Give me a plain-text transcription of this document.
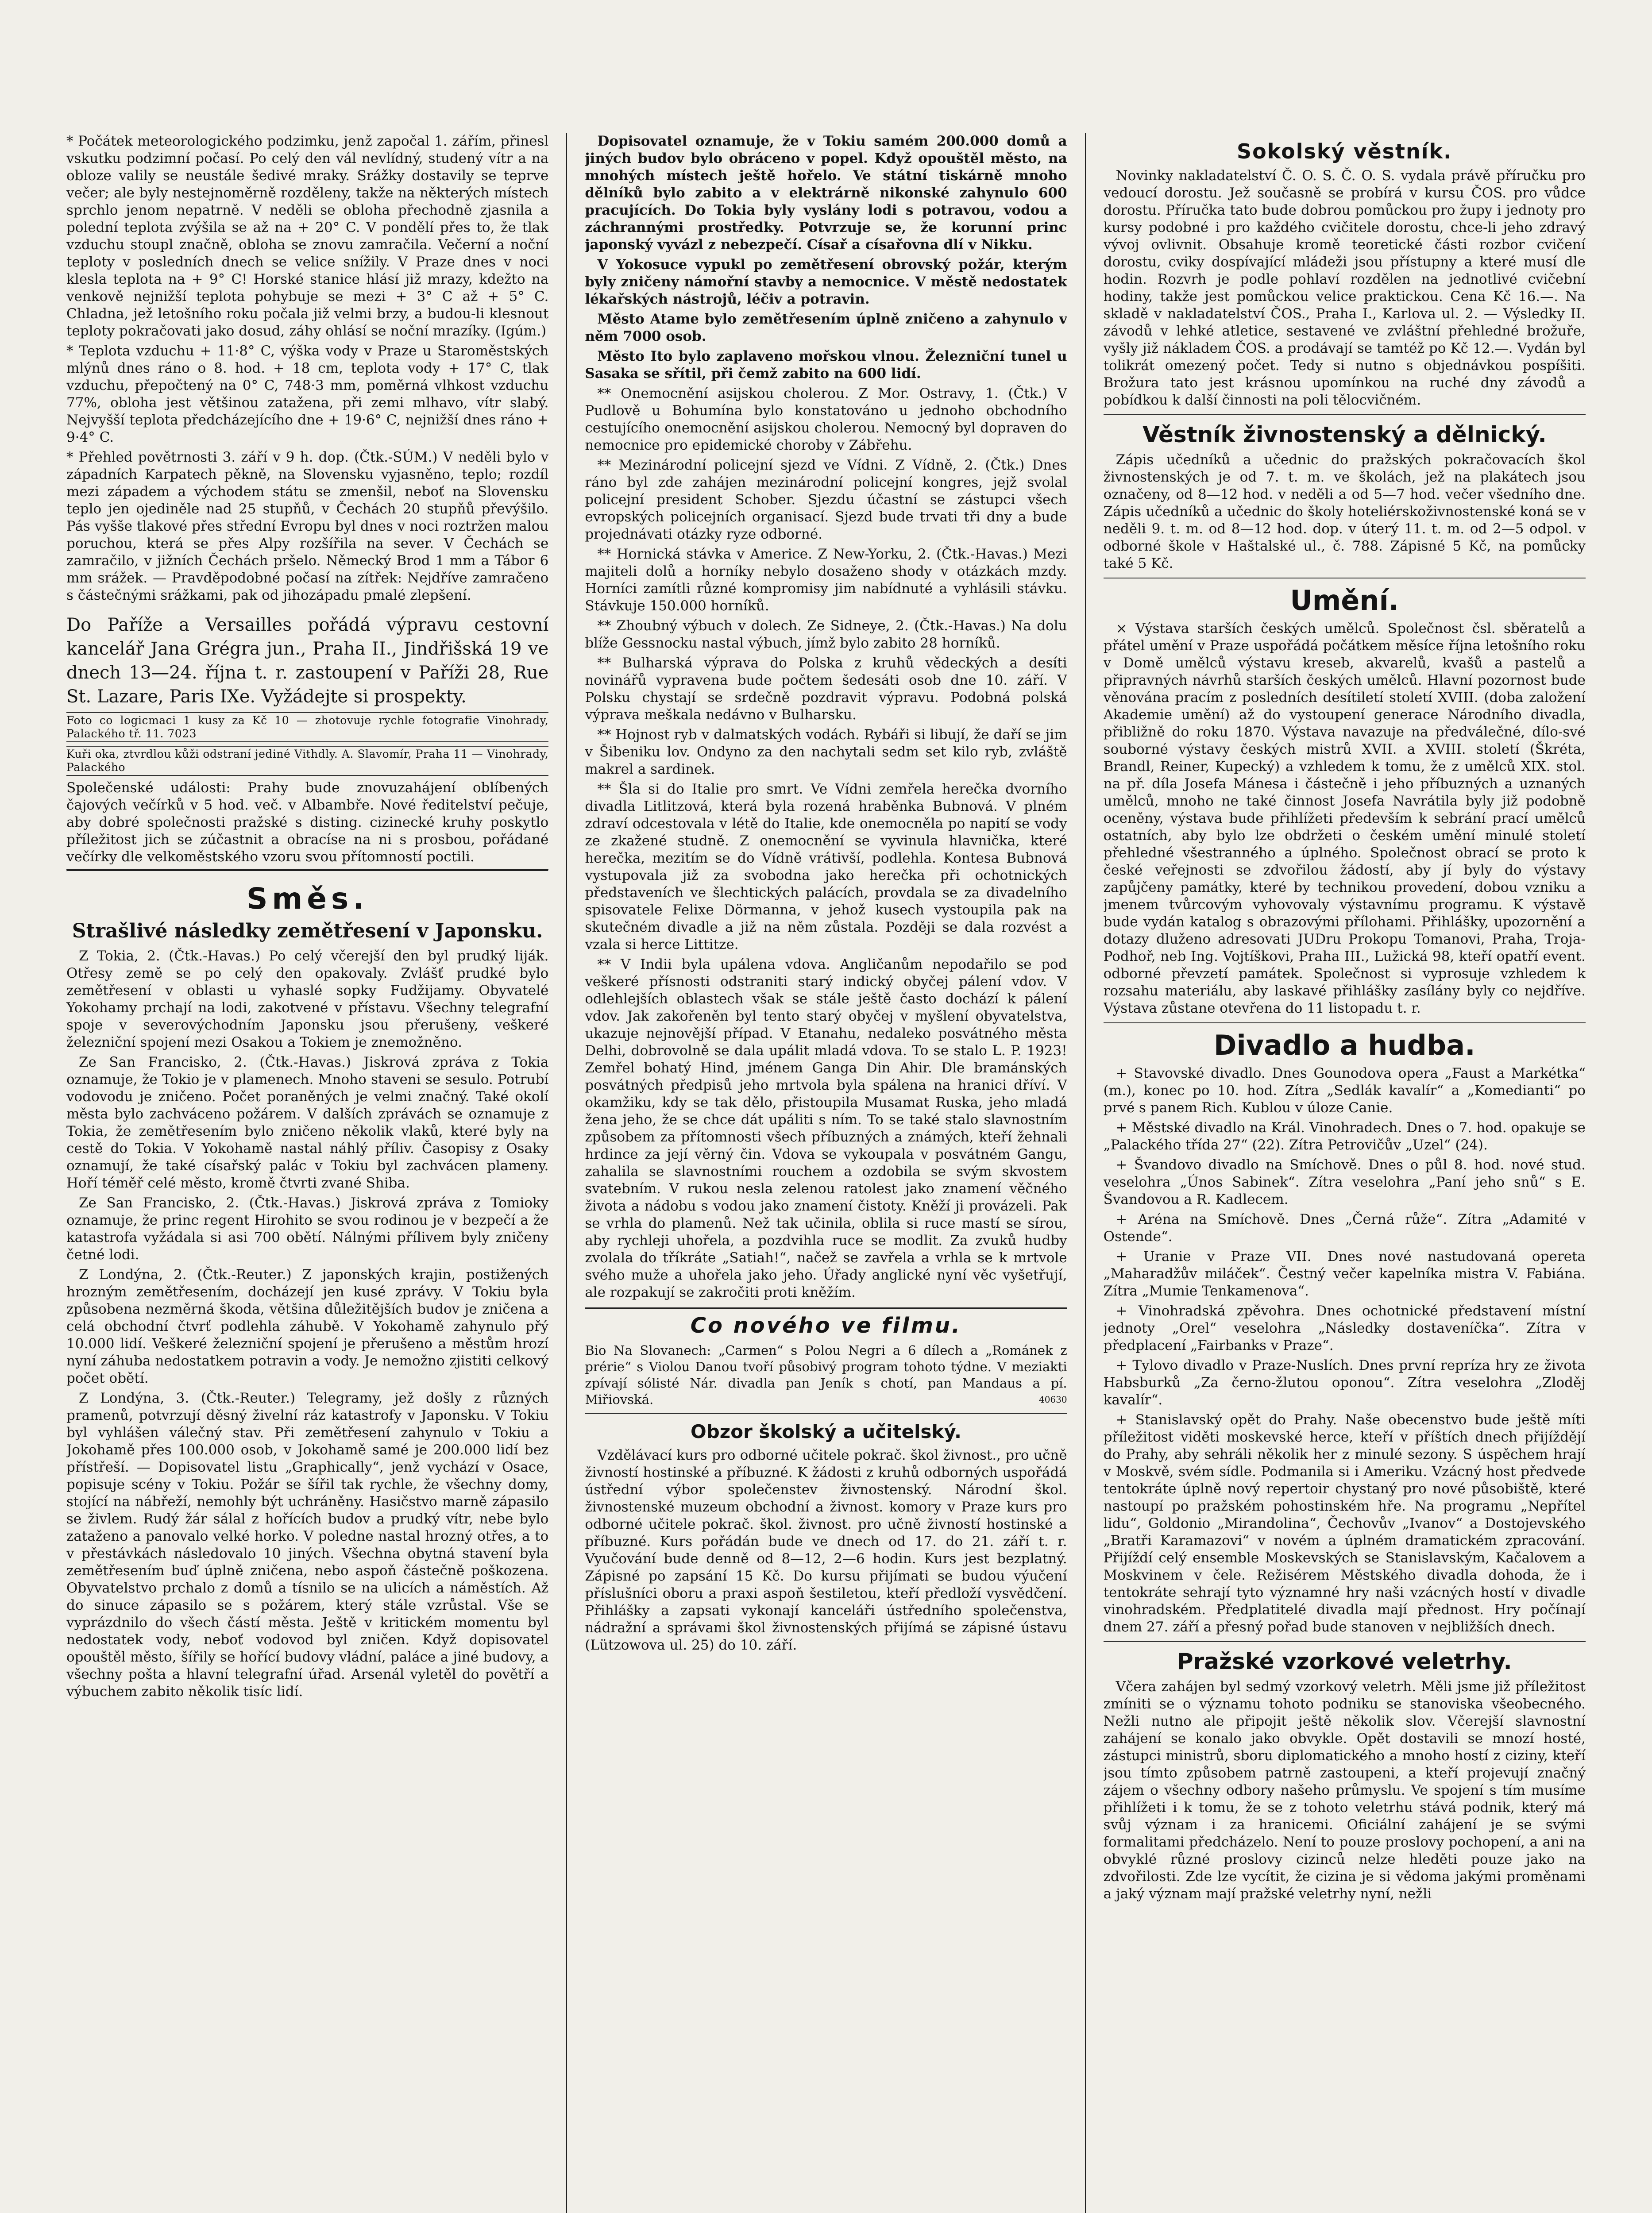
* Počátek meteorologického podzimku, jenž započal 1. zářím, přinesl vskutku podzimní počasí. Po celý den vál nevlídný, studený vítr a na obloze valily se neustále šedivé mraky. Srážky dostavily se teprve večer; ale byly nestejnoměrně rozděleny, takže na některých místech sprchlo jenom nepatrně. V neděli se obloha přechodně zjasnila a polední teplota zvýšila se až na + 20° C. V pondělí přes to, že tlak vzduchu stoupl značně, obloha se znovu zamračila. Večerní a noční teploty v posledních dnech se velice snížily. V Praze dnes v noci klesla teplota na + 9° C! Horské stanice hlásí již mrazy, kdežto na venkově nejnižší teplota pohybuje se mezi + 3° C až + 5° C. Chladna, jež letošního roku počala již velmi brzy, a budou-li klesnout teploty pokračovati jako dosud, záhy ohlásí se noční mrazíky. (Igúm.)

* Teplota vzduchu + 11·8° C, výška vody v Praze u Staroměstských mlýnů dnes ráno o 8. hod. + 18 cm, teplota vody + 17° C, tlak vzduchu, přepočtený na 0° C, 748·3 mm, poměrná vlhkost vzduchu 77%, obloha jest většinou zatažena, při zemi mlhavo, vítr slabý. Nejvyšší teplota předcházejícího dne + 19·6° C, nejnižší dnes ráno + 9·4° C.

* Přehled povětrnosti 3. září v 9 h. dop. (Čtk.-SÚM.) V neděli bylo v západních Karpatech pěkně, na Slovensku vyjasněno, teplo; rozdíl mezi západem a východem státu se zmenšil, neboť na Slovensku teplo jen ojediněle nad 25 stupňů, v Čechách 20 stupňů převýšilo. Pás vyšše tlakové přes střední Evropu byl dnes v noci roztržen malou poruchou, která se přes Alpy rozšířila na sever. V Čechách se zamračilo, v jižních Čechách pršelo. Německý Brod 1 mm a Tábor 6 mm srážek. — Pravděpodobné počasí na zítřek: Nejdříve zamračeno s částečnými srážkami, pak od jihozápadu pmalé zlepšení.

Do Paříže a Versailles pořádá výpravu cestovní kancelář Jana Grégra jun., Praha II., Jindřišská 19 ve dnech 13—24. října t. r. zastoupení v Paříži 28, Rue St. Lazare, Paris IXe. Vyžádejte si prospekty.
Foto co logicmaci 1 kusy za Kč 10 — zhotovuje rychle fotografie Vinohrady, Palackého tř. 11. 7023
Kuři oka, ztvrdlou kůži odstraní jediné Vithdly. A. Slavomír, Praha 11 — Vinohrady, Palackého

Společenské události: Prahy bude znovuzahájení oblíbených čajových večírků v 5 hod. več. v Albambře. Nové ředitelství pečuje, aby dobré společnosti pražské s disting. cizinecké kruhy poskytlo příležitost jich se zúčastnit a obracíse na ni s prosbou, pořádané večírky dle velkoměstského vzoru svou přítomností poctili.

Směs.
Strašlivé následky zemětřesení v Japonsku.

Z Tokia, 2. (Čtk.-Havas.) Po celý včerejší den byl prudký liják. Otřesy země se po celý den opakovaly. Zvlášť prudké bylo zemětřesení v oblasti u vyhaslé sopky Fudžijamy. Obyvatelé Yokohamy prchají na lodi, zakotvené v přístavu. Všechny telegrafní spoje v severovýchodním Japonsku jsou přerušeny, veškeré železniční spojení mezi Osakou a Tokiem je znemožněno.

Ze San Francisko, 2. (Čtk.-Havas.) Jiskrová zpráva z Tokia oznamuje, že Tokio je v plamenech. Mnoho staveni se sesulo. Potrubí vodovodu je zničeno. Počet poraněných je velmi značný. Také okolí města bylo zachváceno požárem. V dalších zprávách se oznamuje z Tokia, že zemětřesením bylo zničeno několik vlaků, které byly na cestě do Tokia. V Yokohamě nastal náhlý příliv. Časopisy z Osaky oznamují, že také císařský palác v Tokiu byl zachvácen plameny. Hoří téměř celé město, kromě čtvrti zvané Shiba.

Ze San Francisko, 2. (Čtk.-Havas.) Jiskrová zpráva z Tomioky oznamuje, že princ regent Hirohito se svou rodinou je v bezpečí a že katastrofa vyžádala si asi 700 obětí. Nálnými přílivem byly zničeny četné lodi.

Z Londýna, 2. (Čtk.-Reuter.) Z japonských krajin, postižených hrozným zemětřesením, docházejí jen kusé zprávy. V Tokiu byla způsobena nezměrná škoda, většina důležitějších budov je zničena a celá obchodní čtvrť podlehla záhubě. V Yokohamě zahynulo přý 10.000 lidí. Veškeré železniční spojení je přerušeno a městům hrozí nyní záhuba nedostatkem potravin a vody. Je nemožno zjistiti celkový počet obětí.

Z Londýna, 3. (Čtk.-Reuter.) Telegramy, jež došly z různých pramenů, potvrzují děsný živelní ráz katastrofy v Japonsku. V Tokiu byl vyhlášen válečný stav. Při zemětřesení zahynulo v Tokiu a Jokohamě přes 100.000 osob, v Jokohamě samé je 200.000 lidí bez přístřeší. — Dopisovatel listu „Graphically“, jenž vychází v Osace, popisuje scény v Tokiu. Požár se šířil tak rychle, že všechny domy, stojící na nábřeží, nemohly být uchráněny. Hasičstvo marně zápasilo se živlem. Rudý žár sálal z hořících budov a prudký vítr, nebe bylo zataženo a panovalo velké horko. V poledne nastal hrozný otřes, a to v přestávkách následovalo 10 jiných. Všechna obytná stavení byla zemětřesením buď úplně zničena, nebo aspoň částečně poškozena. Obyvatelstvo prchalo z domů a tísnilo se na ulicích a náměstích. Až do sinuce zápasilo se s požárem, který stále vzrůstal. Vše se vyprázdnilo do všech částí města. Ještě v kritickém momentu byl nedostatek vody, neboť vodovod byl zničen. Když dopisovatel opouštěl město, šířily se hořící budovy vládní, paláce a jiné budovy, a všechny pošta a hlavní telegrafní úřad. Arsenál vyletěl do povětří a výbuchem zabito několik tisíc lidí.

Dopisovatel oznamuje, že v Tokiu samém 200.000 domů a jiných budov bylo obráceno v popel. Když opouštěl město, na mnohých místech ještě hořelo. Ve státní tiskárně mnoho dělníků bylo zabito a v elektrárně nikonské zahynulo 600 pracujících. Do Tokia byly vyslány lodi s potravou, vodou a záchrannými prostředky. Potvrzuje se, že korunní princ japonský vyvázl z nebezpečí. Císař a císařovna dlí v Nikku.

V Yokosuce vypukl po zemětřesení obrovský požár, kterým byly zničeny námořní stavby a nemocnice. V městě nedostatek lékařských nástrojů, léčiv a potravin.

Město Atame bylo zemětřesením úplně zničeno a zahynulo v něm 7000 osob.

Město Ito bylo zaplaveno mořskou vlnou. Železniční tunel u Sasaka se sřítil, při čemž zabito na 600 lidí.

** Onemocnění asijskou cholerou. Z Mor. Ostravy, 1. (Čtk.) V Pudlově u Bohumína bylo konstatováno u jednoho obchodního cestujícího onemocnění asijskou cholerou. Nemocný byl dopraven do nemocnice pro epidemické choroby v Zábřehu.

** Mezinárodní policejní sjezd ve Vídni. Z Vídně, 2. (Čtk.) Dnes ráno byl zde zahájen mezinárodní policejní kongres, jejž svolal policejní president Schober. Sjezdu účastní se zástupci všech evropských policejních organisací. Sjezd bude trvati tři dny a bude projednávati otázky ryze odborné.

** Hornická stávka v Americe. Z New-Yorku, 2. (Čtk.-Havas.) Mezi majiteli dolů a horníky nebylo dosaženo shody v otázkách mzdy. Horníci zamítli různé kompromisy jim nabídnuté a vyhlásili stávku. Stávkuje 150.000 horníků.

** Zhoubný výbuch v dolech. Ze Sidneye, 2. (Čtk.-Havas.) Na dolu blíže Gessnocku nastal výbuch, jímž bylo zabito 28 horníků.

** Bulharská výprava do Polska z kruhů vědeckých a desíti novinářů vypravena bude počtem šedesáti osob dne 10. září. V Polsku chystají se srdečně pozdravit výpravu. Podobná polská výprava meškala nedávno v Bulharsku.

** Hojnost ryb v dalmatských vodách. Rybáři si libují, že daří se jim v Šibeniku lov. Ondyno za den nachytali sedm set kilo ryb, zvláště makrel a sardinek.

** Šla si do Italie pro smrt. Ve Vídni zemřela herečka dvorního divadla Litlitzová, která byla rozená hraběnka Bubnová. V plném zdraví odcestovala v létě do Italie, kde onemocněla po napití se vody ze zkažené studně. Z onemocnění se vyvinula hlavnička, které herečka, mezitím se do Vídně vrátivší, podlehla. Kontesa Bubnová vystupovala již za svobodna jako herečka při ochotnických představeních ve šlechtických palácích, provdala se za divadelního spisovatele Felixe Dörmanna, v jehož kusech vystoupila pak na skutečném divadle a již na něm zůstala. Později se dala rozvést a vzala si herce Littitze.

** V Indii byla upálena vdova. Angličanům nepodařilo se pod veškeré přísnosti odstraniti starý indický obyčej pálení vdov. V odlehlejších oblastech však se stále ještě často dochází k pálení vdov. Jak zakořeněn byl tento starý obyčej v myšlení obyvatelstva, ukazuje nejnovější případ. V Etanahu, nedaleko posvátného města Delhi, dobrovolně se dala upálit mladá vdova. To se stalo L. P. 1923! Zemřel bohatý Hind, jménem Ganga Din Ahir. Dle bramánských posvátných předpisů jeho mrtvola byla spálena na hranici dříví. V okamžiku, kdy se tak dělo, přistoupila Musamat Ruska, jeho mladá žena jeho, že se chce dát upáliti s ním. To se také stalo slavnostním způsobem za přítomnosti všech příbuzných a známých, kteří žehnali hrdince za její věrný čin. Vdova se vykoupala v posvátném Gangu, zahalila se slavnostními rouchem a ozdobila se svým skvostem svatebním. V rukou nesla zelenou ratolest jako znamení věčného života a nádobu s vodou jako znamení čistoty. Kněží ji provázeli. Pak se vrhla do plamenů. Než tak učinila, oblila si ruce mastí se sírou, aby rychleji uhořela, a pozdvihla ruce se modlit. Za zvuků hudby zvolala do tříkráte „Satiah!“, načež se zavřela a vrhla se k mrtvole svého muže a uhořela jako jeho. Úřady anglické nyní věc vyšetřují, ale rozpakují se zakročiti proti kněžím.

Co nového ve filmu.

Bio Na Slovanech: „Carmen“ s Polou Negri a 6 dílech a „Románek z prérie“ s Violou Danou tvoří působivý program tohoto týdne. V meziakti zpívají sólisté Nár. divadla pan Jeník s chotí, pan Mandaus a pí. Miřiovská.	40630

Obzor školský a učitelský.

Vzdělávací kurs pro odborné učitele pokrač. škol živnost., pro učně živností hostinské a příbuzné. K žádosti z kruhů odborných uspořádá ústřední výbor společenstev živnostenský. Národní škol. živnostenské muzeum obchodní a živnost. komory v Praze kurs pro odborné učitele pokrač. škol. živnost. pro učně živností hostinské a příbuzné. Kurs pořádán bude ve dnech od 17. do 21. září t. r. Vyučování bude denně od 8—12, 2—6 hodin. Kurs jest bezplatný. Zápisné po zapsání 15 Kč. Do kursu přijímati se budou výučení příslušníci oboru a praxi aspoň šestiletou, kteří předloží vysvědčení. Přihlášky a zapsati vykonají kanceláři ústředního společenstva, nádražní a správami škol živnostenských přijímá se zápisné ústavu (Lützowova ul. 25) do 10. září.

Sokolský věstník.

Novinky nakladatelství Č. O. S. Č. O. S. vydala právě příručku pro vedoucí dorostu. Jež současně se probírá v kursu ČOS. pro vůdce dorostu. Příručka tato bude dobrou pomůckou pro župy i jednoty pro kursy podobné i pro každého cvičitele dorostu, chce-li jeho zdravý vývoj ovlivnit. Obsahuje kromě teoretické části rozbor cvičení dorostu, cviky dospívající mládeži jsou přístupny a které musí dle hodin. Rozvrh je podle pohlaví rozdělen na jednotlivé cvičební hodiny, takže jest pomůckou velice praktickou. Cena Kč 16.—. Na skladě v nakladatelství ČOS., Praha I., Karlova ul. 2. — Výsledky II. závodů v lehké atletice, sestavené ve zvláštní přehledné brožuře, vyšly již nákladem ČOS. a prodávají se tamtéž po Kč 12.—. Vydán byl tolikrát omezený počet. Tedy si nutno s objednávkou pospíšiti. Brožura tato jest krásnou upomínkou na ruché dny závodů a pobídkou k další činnosti na poli tělocvičném.

Věstník živnostenský a dělnický.

Zápis učedníků a učednic do pražských pokračovacích škol živnostenských je od 7. t. m. ve školách, jež na plakátech jsou označeny, od 8—12 hod. v neděli a od 5—7 hod. večer všedního dne. Zápis učedníků a učednic do školy hoteliérskoživnostenské koná se v neděli 9. t. m. od 8—12 hod. dop. v úterý 11. t. m. od 2—5 odpol. v odborné škole v Haštalské ul., č. 788. Zápisné 5 Kč, na pomůcky také 5 Kč.

Umění.

× Výstava starších českých umělců. Společnost čsl. sběratelů a přátel umění v Praze uspořádá počátkem měsíce října letošního roku v Domě umělců výstavu kreseb, akvarelů, kvašů a pastelů a připravných návrhů starších českých umělců. Hlavní pozornost bude věnována pracím z posledních desítiletí století XVIII. (doba založení Akademie umění) až do vystoupení generace Národního divadla, přibližně do roku 1870. Výstava navazuje na předválečné, dílo-své souborné výstavy českých mistrů XVII. a XVIII. století (Škréta, Brandl, Reiner, Kupecký) a vzhledem k tomu, že z umělců XIX. stol. na př. díla Josefa Mánesa i částečně i jeho příbuzných a uznaných umělců, mnoho ne také činnost Josefa Navrátila byly již podobně oceněny, výstava bude přihlížeti především k sebrání prací umělců ostatních, aby bylo lze obdržeti o českém umění minulé století přehledné všestranného a úplného. Společnost obrací se proto k české veřejnosti se zdvořilou žádostí, aby jí byly do výstavy zapůjčeny památky, které by technikou provedení, dobou vzniku a jmenem tvůrcovým vyhovovaly výstavnímu programu. K výstavě bude vydán katalog s obrazovými přílohami. Přihlášky, upozornění a dotazy dluženo adresovati JUDru Prokopu Tomanovi, Praha, Troja-Podhoř, neb Ing. Vojtíškovi, Praha III., Lužická 98, kteří opatří event. odborné převzetí památek. Společnost si vyprosuje vzhledem k rozsahu materiálu, aby laskavé přihlášky zasílány byly co nejdříve. Výstava zůstane otevřena do 11 listopadu t. r.

Divadlo a hudba.

+ Stavovské divadlo. Dnes Gounodova opera „Faust a Markétka“ (m.), konec po 10. hod. Zítra „Sedlák kavalír“ a „Komedianti“ po prvé s panem Rich. Kublou v úloze Canie.

+ Městské divadlo na Král. Vinohradech. Dnes o 7. hod. opakuje se „Palackého třída 27“ (22). Zítra Petrovičův „Uzel“ (24).

+ Švandovo divadlo na Smíchově. Dnes o půl 8. hod. nové stud. veselohra „Únos Sabinek“. Zítra veselohra „Paní jeho snů“ s E. Švandovou a R. Kadlecem.

+ Aréna na Smíchově. Dnes „Černá růže“. Zítra „Adamité v Ostende“.

+ Uranie v Praze VII. Dnes nové nastudovaná opereta „Maharadžův miláček“. Čestný večer kapelníka mistra V. Fabiána. Zítra „Mumie Tenkamenova“.

+ Vinohradská zpěvohra. Dnes ochotnické představení místní jednoty „Orel“ veselohra „Následky dostaveníčka“. Zítra v předplacení „Fairbanks v Praze“.

+ Tylovo divadlo v Praze-Nuslích. Dnes první repríza hry ze života Habsburků „Za černo-žlutou oponou“. Zítra veselohra „Zloděj kavalír“.

+ Stanislavský opět do Prahy. Naše obecenstvo bude ještě míti příležitost viděti moskevské herce, kteří v příštích dnech přijíždějí do Prahy, aby sehráli několik her z minulé sezony. S úspěchem hrají v Moskvě, svém sídle. Podmanila si i Ameriku. Vzácný host předvede tentokráte úplně nový repertoir chystaný pro nové působiště, které nastoupí po pražském pohostinském hře. Na programu „Nepřítel lidu“, Goldonio „Mirandolina“, Čechovův „Ivanov“ a Dostojevského „Bratři Karamazovi“ v novém a úplném dramatickém zpracování. Přijíždí celý ensemble Moskevských se Stanislavským, Kačalovem a Moskvinem v čele. Režisérem Městského divadla dohoda, že i tentokráte sehrají tyto významné hry naši vzácných hostí v divadle vinohradském. Předplatitelé divadla mají přednost. Hry počínají dnem 27. září a přesný pořad bude stanoven v nejbližších dnech.

Pražské vzorkové veletrhy.

Včera zahájen byl sedmý vzorkový veletrh. Měli jsme již příležitost zmíniti se o významu tohoto podniku se stanoviska všeobecného. Nežli nutno ale připojit ještě několik slov. Včerejší slavnostní zahájení se konalo jako obvykle. Opět dostavili se mnozí hosté, zástupci ministrů, sboru diplomatického a mnoho hostí z ciziny, kteří jsou tímto způsobem patrně zastoupeni, a kteří projevují značný zájem o všechny odbory našeho průmyslu. Ve spojení s tím musíme přihlížeti i k tomu, že se z tohoto veletrhu stává podnik, který má svůj význam i za hranicemi. Oficiální zahájení je se svými formalitami předcházelo. Není to pouze proslovy pochopení, a ani na obvyklé různé proslovy cizinců nelze hleděti pouze jako na zdvořilosti. Zde lze vycítit, že cizina je si vědoma jakými proměnami a jaký význam mají pražské veletrhy nyní, nežli
